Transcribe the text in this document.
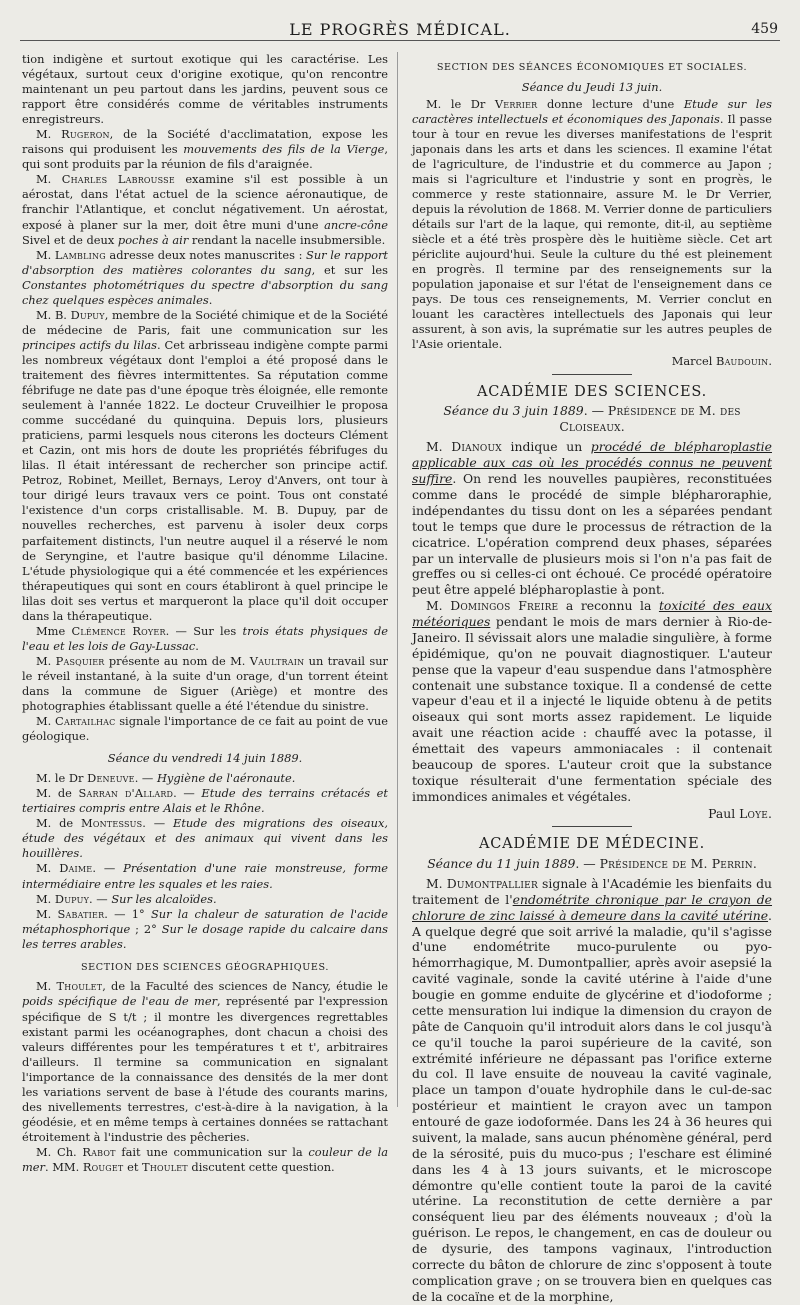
LE PROGRÈS MÉDICAL.	459

tion indigène et surtout exotique qui les caractérise. Les végétaux, surtout ceux d'origine exotique, qu'on rencontre maintenant un peu partout dans les jardins, peuvent sous ce rapport être considérés comme de véritables instruments enregistreurs.

M. Rugeron, de la Société d'acclimatation, expose les raisons qui produisent les mouvements des fils de la Vierge, qui sont produits par la réunion de fils d'araignée.

M. Charles Labrousse examine s'il est possible à un aérostat, dans l'état actuel de la science aéronautique, de franchir l'Atlantique, et conclut négativement. Un aérostat, exposé à planer sur la mer, doit être muni d'une ancre-cône Sivel et de deux poches à air rendant la nacelle insubmersible.

M. Lambling adresse deux notes manuscrites : Sur le rapport d'absorption des matières colorantes du sang, et sur les Constantes photométriques du spectre d'absorption du sang chez quelques espèces animales.

M. B. Dupuy, membre de la Société chimique et de la Société de médecine de Paris, fait une communication sur les principes actifs du lilas. Cet arbrisseau indigène compte parmi les nombreux végétaux dont l'emploi a été proposé dans le traitement des fièvres intermittentes. Sa réputation comme fébrifuge ne date pas d'une époque très éloignée, elle remonte seulement à l'année 1822. Le docteur Cruveilhier le proposa comme succédané du quinquina. Depuis lors, plusieurs praticiens, parmi lesquels nous citerons les docteurs Clément et Cazin, ont mis hors de doute les propriétés fébrifuges du lilas. Il était intéressant de rechercher son principe actif. Petroz, Robinet, Meillet, Bernays, Leroy d'Anvers, ont tour à tour dirigé leurs travaux vers ce point. Tous ont constaté l'existence d'un corps cristallisable. M. B. Dupuy, par de nouvelles recherches, est parvenu à isoler deux corps parfaitement distincts, l'un neutre auquel il a réservé le nom de Seryngine, et l'autre basique qu'il dénomme Lilacine. L'étude physiologique qui a été commencée et les expériences thérapeutiques qui sont en cours établiront à quel principe le lilas doit ses vertus et marqueront la place qu'il doit occuper dans la thérapeutique.

Mme Clémence Royer. — Sur les trois états physiques de l'eau et les lois de Gay-Lussac.

M. Pasquier présente au nom de M. Vaultrain un travail sur le réveil instantané, à la suite d'un orage, d'un torrent éteint dans la commune de Siguer (Ariège) et montre des photographies établissant quelle a été l'étendue du sinistre.

M. Cartailhac signale l'importance de ce fait au point de vue géologique.

Séance du vendredi 14 juin 1889.

M. le Dr Deneuve. — Hygiène de l'aéronaute.

M. de Sarran d'Allard. — Etude des terrains crétacés et tertiaires compris entre Alais et le Rhône.

M. de Montessus. — Etude des migrations des oiseaux, étude des végétaux et des animaux qui vivent dans les houillères.

M. Daime. — Présentation d'une raie monstreuse, forme intermédiaire entre les squales et les raies.

M. Dupuy. — Sur les alcaloïdes.

M. Sabatier. — 1° Sur la chaleur de saturation de l'acide métaphosphorique ; 2° Sur le dosage rapide du calcaire dans les terres arables.

SECTION DES SCIENCES GÉOGRAPHIQUES.

M. Thoulet, de la Faculté des sciences de Nancy, étudie le poids spécifique de l'eau de mer, représenté par l'expression spécifique de S t/t ; il montre les divergences regrettables existant parmi les océanographes, dont chacun a choisi des valeurs différentes pour les températures t et t', arbitraires d'ailleurs. Il termine sa communication en signalant l'importance de la connaissance des densités de la mer dont les variations servent de base à l'étude des courants marins, des nivellements terrestres, c'est-à-dire à la navigation, à la géodésie, et en même temps à certaines données se rattachant étroitement à l'industrie des pêcheries.

M. Ch. Rabot fait une communication sur la couleur de la mer. MM. Rouget et Thoulet discutent cette question.

SECTION DES SÉANCES ÉCONOMIQUES ET SOCIALES.
Séance du Jeudi 13 juin.

M. le Dr Verrier donne lecture d'une Etude sur les caractères intellectuels et économiques des Japonais. Il passe tour à tour en revue les diverses manifestations de l'esprit japonais dans les arts et dans les sciences. Il examine l'état de l'agriculture, de l'industrie et du commerce au Japon ; mais si l'agriculture et l'industrie y sont en progrès, le commerce y reste stationnaire, assure M. le Dr Verrier, depuis la révolution de 1868. M. Verrier donne de particuliers détails sur l'art de la laque, qui remonte, dit-il, au septième siècle et a été très prospère dès le huitième siècle. Cet art périclite aujourd'hui. Seule la culture du thé est pleinement en progrès. Il termine par des renseignements sur la population japonaise et sur l'état de l'enseignement dans ce pays. De tous ces renseignements, M. Verrier conclut en louant les caractères intellectuels des Japonais qui leur assurent, à son avis, la suprématie sur les autres peuples de l'Asie orientale.

Marcel Baudouin.
ACADÉMIE DES SCIENCES.
Séance du 3 juin 1889. — Présidence de M. des Cloiseaux.

M. Dianoux indique un procédé de blépharoplastie applicable aux cas où les procédés connus ne peuvent suffire. On rend les nouvelles paupières, reconstituées comme dans le procédé de simple blépharoraphie, indépendantes du tissu dont on les a séparées pendant tout le temps que dure le processus de rétraction de la cicatrice. L'opération comprend deux phases, séparées par un intervalle de plusieurs mois si l'on n'a pas fait de greffes ou si celles-ci ont échoué. Ce procédé opératoire peut être appelé blépharoplastie à pont.

M. Domingos Freire a reconnu la toxicité des eaux météoriques pendant le mois de mars dernier à Rio-de-Janeiro. Il sévissait alors une maladie singulière, à forme épidémique, qu'on ne pouvait diagnostiquer. L'auteur pense que la vapeur d'eau suspendue dans l'atmosphère contenait une substance toxique. Il a condensé de cette vapeur d'eau et il a injecté le liquide obtenu à de petits oiseaux qui sont morts assez rapidement. Le liquide avait une réaction acide : chauffé avec la potasse, il émettait des vapeurs ammoniacales : il contenait beaucoup de spores. L'auteur croit que la substance toxique résulterait d'une fermentation spéciale des immondices animales et végétales.

Paul Loye.
ACADÉMIE DE MÉDECINE.
Séance du 11 juin 1889. — Présidence de M. Perrin.

M. Dumontpallier signale à l'Académie les bienfaits du traitement de l'endométrite chronique par le crayon de chlorure de zinc laissé à demeure dans la cavité utérine. A quelque degré que soit arrivé la maladie, qu'il s'agisse d'une endométrite muco-purulente ou pyo-hémorrhagique, M. Dumontpallier, après avoir asepsié la cavité vaginale, sonde la cavité utérine à l'aide d'une bougie en gomme enduite de glycérine et d'iodoforme ; cette mensuration lui indique la dimension du crayon de pâte de Canquoin qu'il introduit alors dans le col jusqu'à ce qu'il touche la paroi supérieure de la cavité, son extrémité inférieure ne dépassant pas l'orifice externe du col. Il lave ensuite de nouveau la cavité vaginale, place un tampon d'ouate hydrophile dans le cul-de-sac postérieur et maintient le crayon avec un tampon entouré de gaze iodoformée. Dans les 24 à 36 heures qui suivent, la malade, sans aucun phénomène général, perd de la sérosité, puis du muco-pus ; l'eschare est éliminé dans les 4 à 13 jours suivants, et le microscope démontre qu'elle contient toute la paroi de la cavité utérine. La reconstitution de cette dernière a par conséquent lieu par des éléments nouveaux ; d'où la guérison. Le repos, le changement, en cas de douleur ou de dysurie, des tampons vaginaux, l'introduction correcte du bâton de chlorure de zinc s'opposent à toute complication grave ; on se trouvera bien en quelques cas de la cocaïne et de la morphine,
